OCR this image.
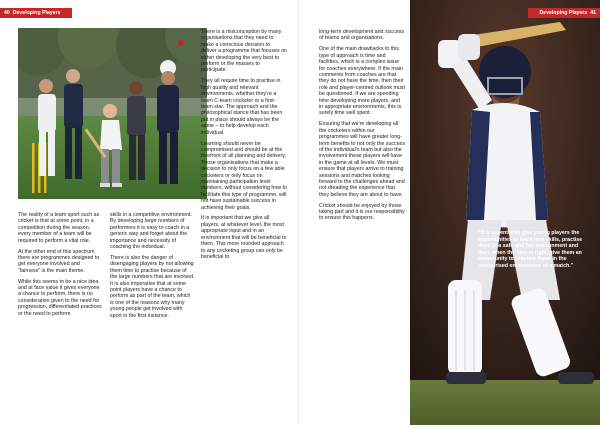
40 Developing Players

The reality of a team sport such as cricket is that at some point, in a competition during the season, every member of a team will be required to perform a vital role.

At the other end of this spectrum there are programmes designed to get everyone involved and “fairness” is the main theme.

While this seems to be a nice idea and at face value it gives everyone a chance to perform, there is no consideration given to the need for progression, differentiated practices or the need to perform

skills in a competitive environment. By developing large numbers of performers it is easy to coach in a generic way and forget about the importance and necessity of coaching the individual.

There is also the danger of disengaging players by not allowing them time to practise because of the large numbers that are involved. It is also imperative that at some point players have a chance to perform as part of the team, which is one of the reasons why many young people get involved with sport in the first instance.

There is a misconception by many organisations that they need to make a conscious decision to deliver a programme that focuses on either developing the very best to perform or the masses to participate.

They all require time to practise in high quality and relevant environments, whether they’re a learn C-team cricketer or a first-team star. The approach and the philosophical stance that has been put in place should always be the same – to help develop each individual.

Learning should never be compromised and should be at the forefront of all planning and delivery. Those organisations that make a decision to only focus on a few able cricketers or only focus on maintaining participation level numbers, without considering how to facilitate this type of programme, will not have sustainable success in achieving their goals.

It is important that we give all players, at whatever level, the most appropriate input and in an environment that will be beneficial to them. This more rounded approach to any cricketing group can only be beneficial to

long-term development and success of teams and organisations.

One of the main drawbacks to this type of approach is time and facilities, which is a complex issue for coaches everywhere. If the main comments from coaches are that they do not have the time, then their role and player-centred outlook must be questioned. If we are spending time developing more players, and in appropriate environments, this is surely time well spent.

Ensuring that we’re developing all the cricketers within our programmes will have greater long-term benefits to not only the success of the individual’s team but also the involvement these players will have in the game at all levels. We must ensure that players arrive to training sessions and matches looking forward to the challenges ahead and not dreading the experience that they believe they are about to have.

Cricket should be enjoyed by those taking part and it is our responsibility to ensure this happens.

Developing Players 41
“It is essential to give young players the opportunities to learn new skills, practise them in a safe and fun environment and then, when the time is right, give them an opportunity to practise these in the pressurised environment of a match.”
